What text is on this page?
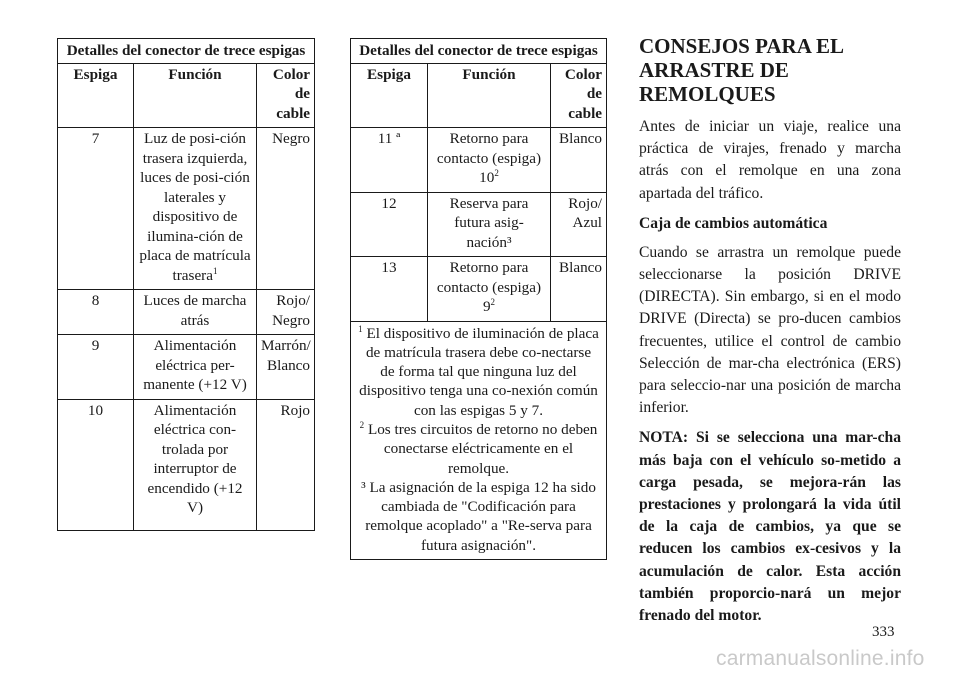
Detalles del conector de trece espigas		
Espiga	Función	Color de cable
7	Luz de posi-ción trasera izquierda, luces de posi-ción laterales y dispositivo de ilumina-ción de placa de matrícula trasera$^1$	Negro
8	Luces de marcha atrás	Rojo/ Negro
9	Alimentación eléctrica per-manente (+12 V)	Marrón/ Blanco
10	Alimentación eléctrica con-trolada por interruptor de encendido (+12 V)	Rojo
Detalles del conector de trece espigas		
Espiga	Función	Color de cable
11 ª	Retorno para contacto (espiga) $10^2$	Blanco
12	Reserva para futura asig-nación³	Rojo/ Azul
13	Retorno para contacto (espiga) $9^2$	Blanco

$^1$ El dispositivo de iluminación de placa de matrícula trasera debe co-nectarse de forma tal que ninguna luz del dispositivo tenga una co-nexión común con las espigas 5 y 7.
$^2$ Los tres circuitos de retorno no deben conectarse eléctricamente en el remolque.
³ La asignación de la espiga 12 ha sido cambiada de "Codificación para remolque acoplado" a "Re-serva para futura asignación".		
CONSEJOS PARA EL ARRASTRE DE REMOLQUES

Antes de iniciar un viaje, realice una práctica de virajes, frenado y marcha atrás con el remolque en una zona apartada del tráfico.

Caja de cambios automática

Cuando se arrastra un remolque puede seleccionarse la posición DRIVE (DIRECTA). Sin embargo, si en el modo DRIVE (Directa) se pro-ducen cambios frecuentes, utilice el control de cambio Selección de mar-cha electrónica (ERS) para seleccio-nar una posición de marcha inferior.

NOTA: Si se selecciona una mar-cha más baja con el vehículo so-metido a carga pesada, se mejora-rán las prestaciones y prolongará la vida útil de la caja de cambios, ya que se reducen los cambios ex-cesivos y la acumulación de calor. Esta acción también proporcio-nará un mejor frenado del motor.

333
carmanualsonline.info
